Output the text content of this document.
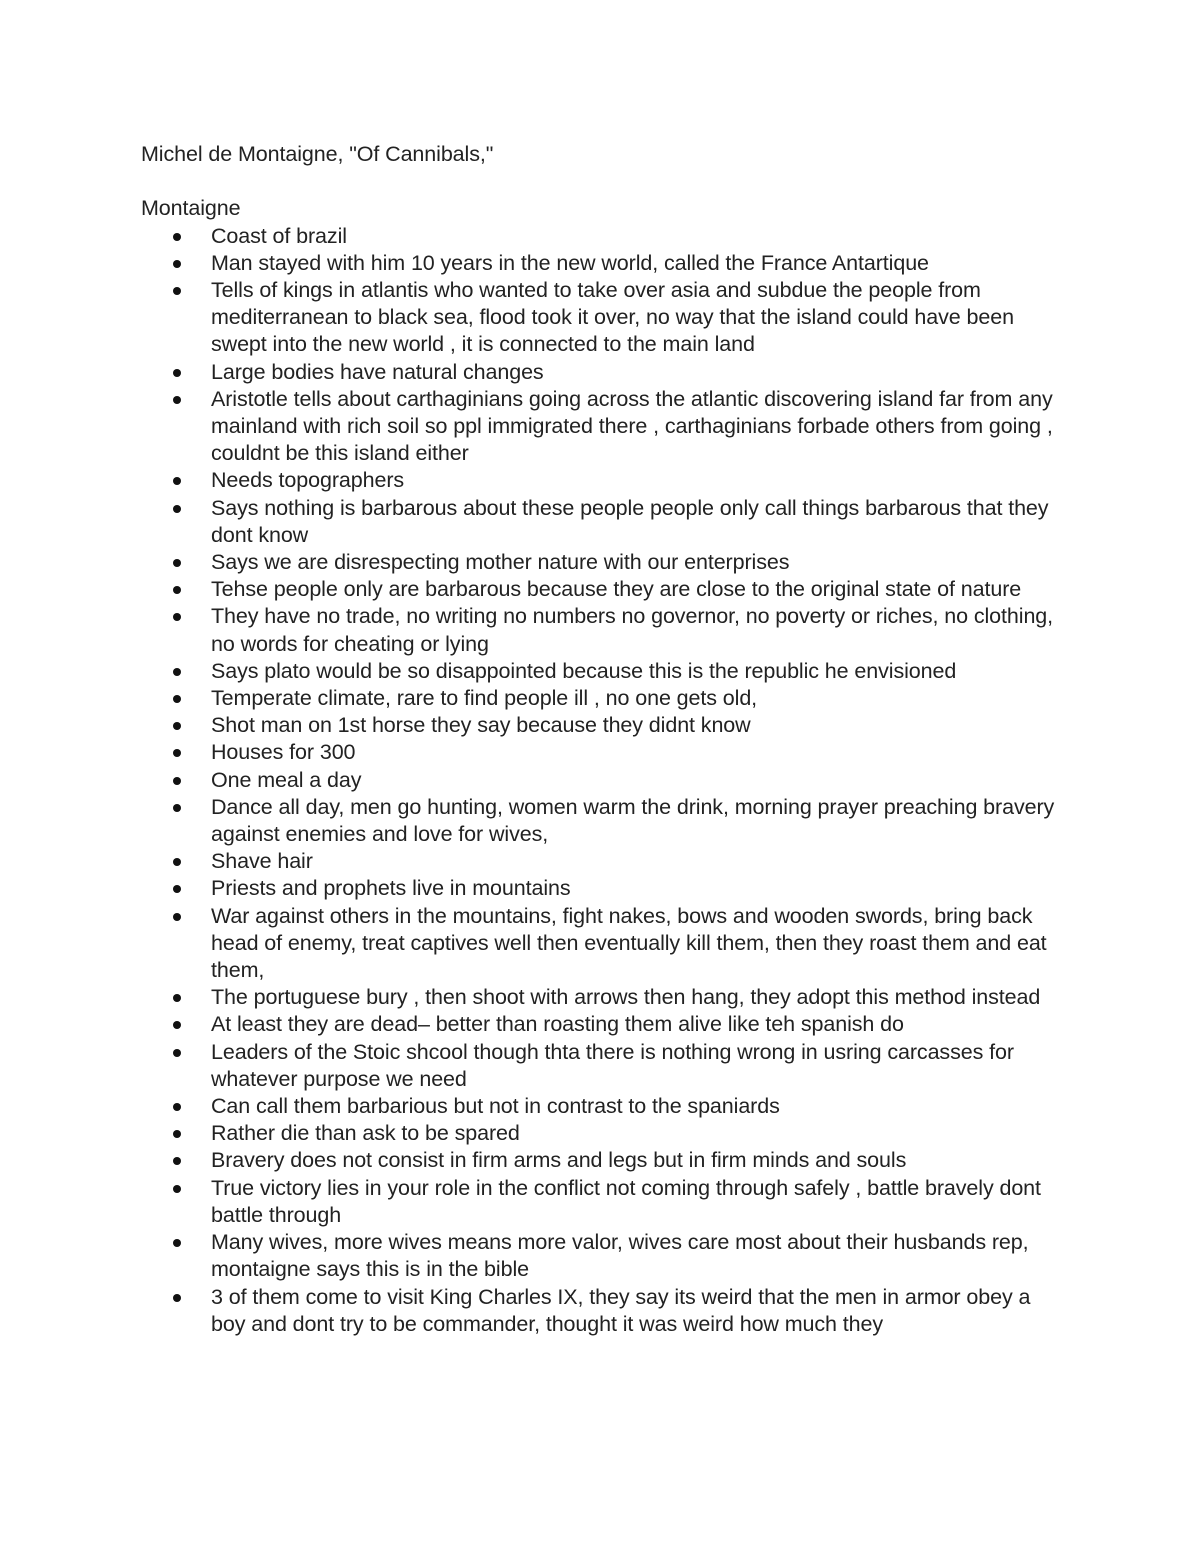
Michel de Montaigne, "Of Cannibals,"
Montaigne
Coast of brazil
Man stayed with him 10 years in the new world, called the France Antartique
Tells of kings in atlantis who wanted to take over asia and subdue the people from mediterranean to black sea, flood took it over, no way that the island could have been swept into the new world , it is connected to the main land
Large bodies have natural changes
Aristotle tells about carthaginians going across the atlantic discovering island far from any mainland with rich soil so ppl immigrated there , carthaginians forbade others from going , couldnt be this island either
Needs topographers
Says nothing is barbarous about these people people only call things barbarous that they dont know
Says we are disrespecting mother nature with our enterprises
Tehse people only are barbarous because they are close to the original state of nature
They have no trade, no writing no numbers no governor, no poverty or riches, no clothing, no words for cheating or lying
Says plato would be so disappointed because this is the republic he envisioned
Temperate climate, rare to find people ill , no one gets old,
Shot man on 1st horse they say because they didnt know
Houses for 300
One meal a day
Dance all day, men go hunting, women warm the drink, morning prayer preaching bravery against enemies and love for wives,
Shave hair
Priests and prophets live in mountains
War against others in the mountains, fight nakes, bows and wooden swords, bring back head of enemy, treat captives well then eventually kill them, then they roast them and eat them,
The portuguese bury , then shoot with arrows then hang, they adopt this method instead
At least they are dead– better than roasting them alive like teh spanish do
Leaders of the Stoic shcool though thta there is nothing wrong in usring carcasses for whatever purpose we need
Can call them barbarious but not in contrast to the spaniards
Rather die than ask to be spared
Bravery does not consist in firm arms and legs but in firm minds and souls
True victory lies in your role in the conflict not coming through safely , battle bravely dont battle through
Many wives, more wives means more valor, wives care most about their husbands rep, montaigne says this is in the bible
3 of them come to visit King Charles IX, they say its weird that the men in armor obey a boy and dont try to be commander, thought it was weird how much they
